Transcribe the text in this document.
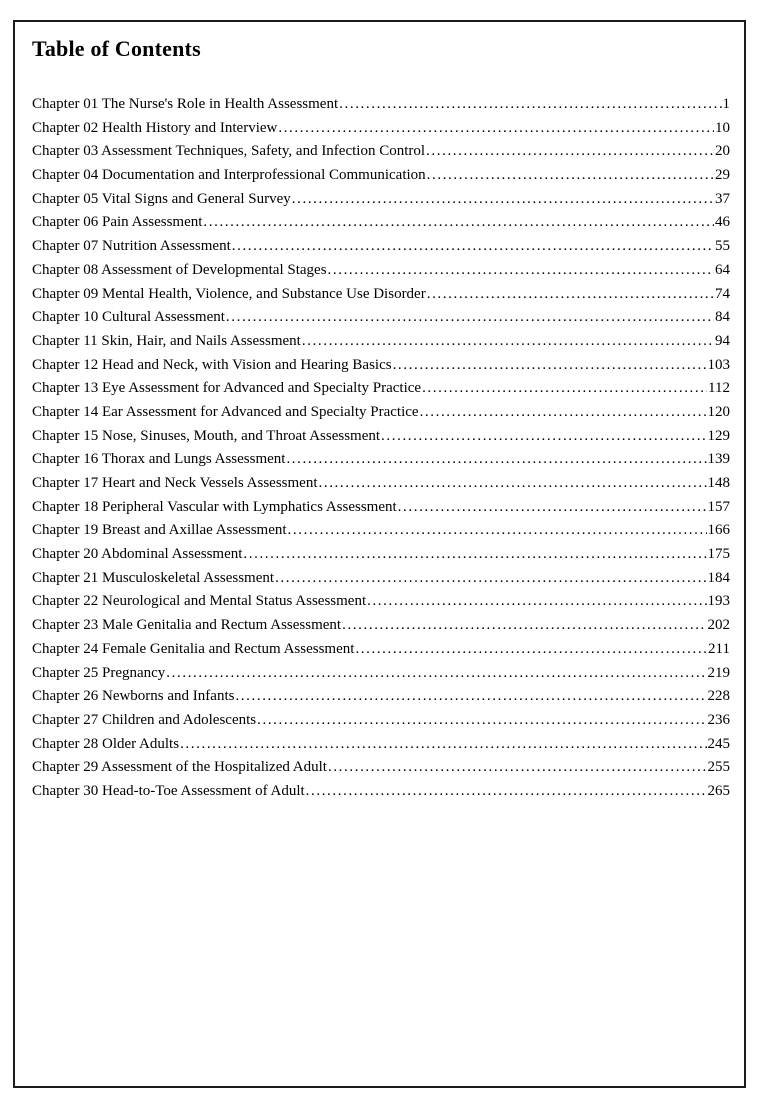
Table of Contents
Chapter 01 The Nurse's Role in Health Assessment .....	1
Chapter 02 Health History and Interview .....	10
Chapter 03 Assessment Techniques, Safety, and Infection Control .....	20
Chapter 04 Documentation and Interprofessional Communication .....	29
Chapter 05 Vital Signs and General Survey .....	37
Chapter 06 Pain Assessment .....	46
Chapter 07 Nutrition Assessment .....	55
Chapter 08 Assessment of Developmental Stages .....	64
Chapter 09 Mental Health, Violence, and Substance Use Disorder .....	74
Chapter 10 Cultural Assessment .....	84
Chapter 11 Skin, Hair, and Nails Assessment .....	94
Chapter 12 Head and Neck, with Vision and Hearing Basics .....	103
Chapter 13 Eye Assessment for Advanced and Specialty Practice .....	112
Chapter 14 Ear Assessment for Advanced and Specialty Practice .....	120
Chapter 15 Nose, Sinuses, Mouth, and Throat Assessment .....	129
Chapter 16 Thorax and Lungs Assessment .....	139
Chapter 17 Heart and Neck Vessels Assessment .....	148
Chapter 18 Peripheral Vascular with Lymphatics Assessment .....	157
Chapter 19 Breast and Axillae Assessment .....	166
Chapter 20 Abdominal Assessment .....	175
Chapter 21 Musculoskeletal Assessment .....	184
Chapter 22 Neurological and Mental Status Assessment .....	193
Chapter 23 Male Genitalia and Rectum Assessment .....	202
Chapter 24 Female Genitalia and Rectum Assessment .....	211
Chapter 25 Pregnancy .....	219
Chapter 26 Newborns and Infants .....	228
Chapter 27 Children and Adolescents .....	236
Chapter 28 Older Adults .....	245
Chapter 29 Assessment of the Hospitalized Adult .....	255
Chapter 30 Head-to-Toe Assessment of Adult .....	265
